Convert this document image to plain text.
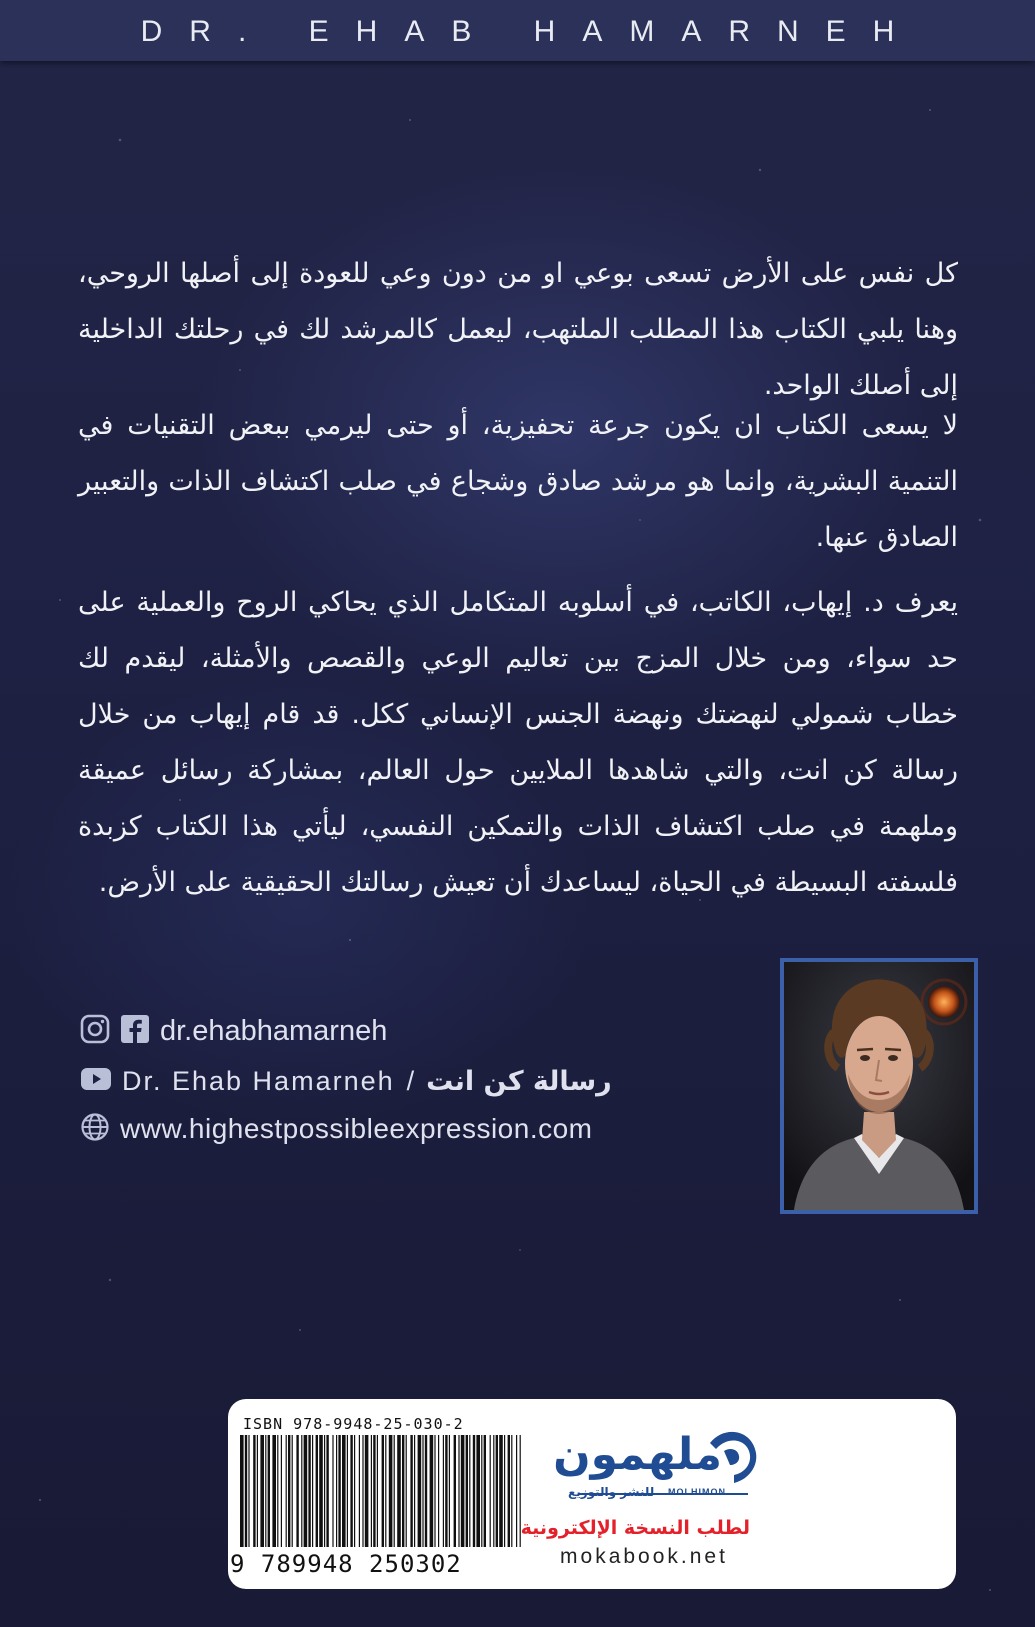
DR. EHAB HAMARNEH
كل نفس على الأرض تسعى بوعي او من دون وعي للعودة إلى أصلها الروحي، وهنا يلبي الكتاب هذا المطلب الملتهب، ليعمل كالمرشد لك في رحلتك الداخلية إلى أصلك الواحد.
لا يسعى الكتاب ان يكون جرعة تحفيزية، أو حتى ليرمي ببعض التقنيات في التنمية البشرية، وانما هو مرشد صادق وشجاع في صلب اكتشاف الذات والتعبير الصادق عنها.
يعرف د. إيهاب، الكاتب، في أسلوبه المتكامل الذي يحاكي الروح والعملية على حد سواء، ومن خلال المزج بين تعاليم الوعي والقصص والأمثلة، ليقدم لك خطاب شمولي لنهضتك ونهضة الجنس الإنساني ككل. قد قام إيهاب من خلال رسالة كن انت، والتي شاهدها الملايين حول العالم، بمشاركة رسائل عميقة وملهمة في صلب اكتشاف الذات والتمكين النفسي، ليأتي هذا الكتاب كزبدة فلسفته البسيطة في الحياة، ليساعدك أن تعيش رسالتك الحقيقية على الأرض.
dr.ehabhamarneh
Dr. Ehab Hamarneh / رسالة كن انت
www.highestpossibleexpression.com
ISBN 978-9948-25-030-2
9 789948 250302
ملهمون
للنشر والتوزيع MOLHIMON
لطلب النسخة الإلكترونية
mokabook.net
